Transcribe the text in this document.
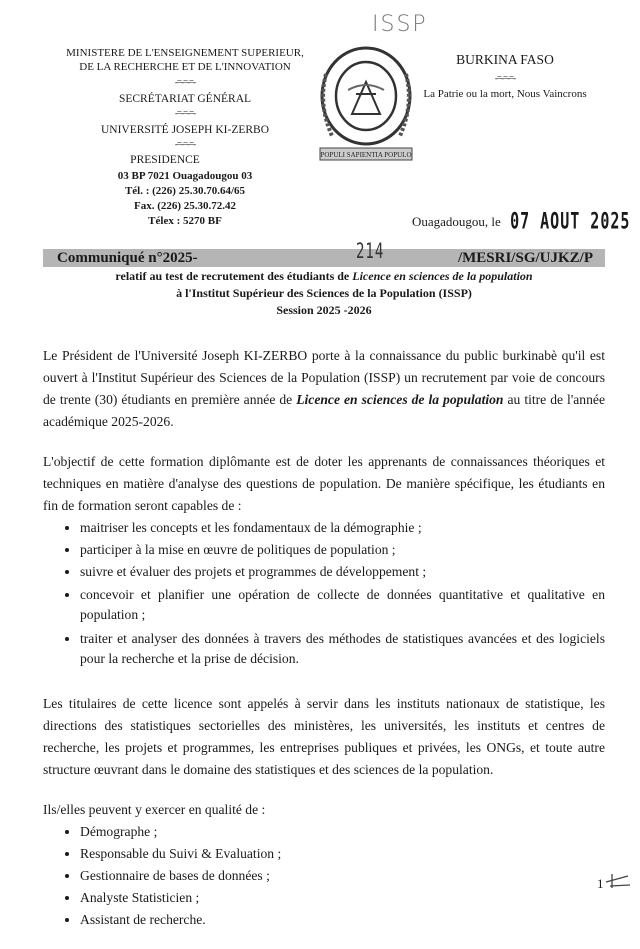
ISSP
MINISTERE DE L'ENSEIGNEMENT SUPERIEUR,
DE LA RECHERCHE ET DE L'INNOVATION
-=-=-=-
SECRÉTARIAT GÉNÉRAL
-=-=-=-
UNIVERSITÉ JOSEPH KI-ZERBO
-=-=-=-
PRESIDENCE
03 BP 7021 Ouagadougou 03
Tél. : (226) 25.30.70.64/65
Fax. (226) 25.30.72.42
Télex : 5270 BF
POPULI SAPIENTIA POPULO
BURKINA FASO
-=-=-=-
La Patrie ou la mort, Nous Vaincrons
Ouagadougou, le 07 AOUT 2025
Communiqué n°2025-	214	/MESRI/SG/UJKZ/P
relatif au test de recrutement des étudiants de Licence en sciences de la population
à l'Institut Supérieur des Sciences de la Population (ISSP)
Session 2025 -2026

Le Président de l'Université Joseph KI-ZERBO porte à la connaissance du public burkinabè qu'il est ouvert à l'Institut Supérieur des Sciences de la Population (ISSP) un recrutement par voie de concours de trente (30) étudiants en première année de Licence en sciences de la population au titre de l'année académique 2025-2026.

L'objectif de cette formation diplômante est de doter les apprenants de connaissances théoriques et techniques en matière d'analyse des questions de population. De manière spécifique, les étudiants en fin de formation seront capables de :

• maitriser les concepts et les fondamentaux de la démographie ;
• participer à la mise en œuvre de politiques de population ;
• suivre et évaluer des projets et programmes de développement ;
• concevoir et planifier une opération de collecte de données quantitative et qualitative en population ;
• traiter et analyser des données à travers des méthodes de statistiques avancées et des logiciels pour la recherche et la prise de décision.

Les titulaires de cette licence sont appelés à servir dans les instituts nationaux de statistique, les directions des statistiques sectorielles des ministères, les universités, les instituts et centres de recherche, les projets et programmes, les entreprises publiques et privées, les ONGs, et toute autre structure œuvrant dans le domaine des statistiques et des sciences de la population.

Ils/elles peuvent y exercer en qualité de :

• Démographe ;
• Responsable du Suivi & Evaluation ;
• Gestionnaire de bases de données ;
• Analyste Statisticien ;
• Assistant de recherche.
1
